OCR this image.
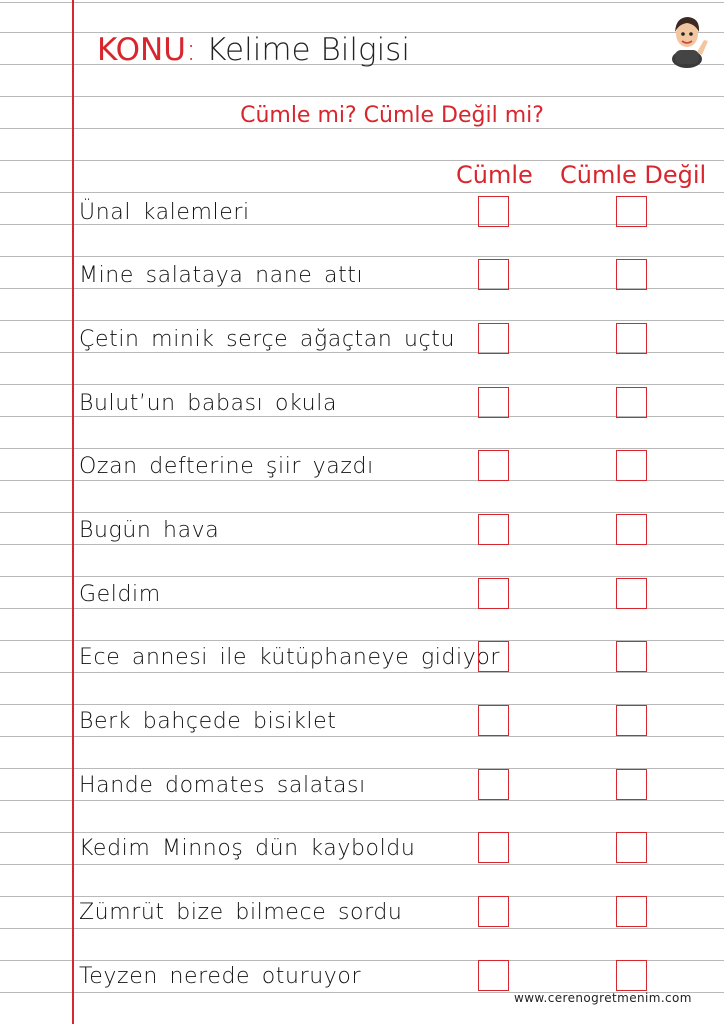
KONU: Kelime Bilgisi
Cümle mi? Cümle Değil mi?
Cümle Cümle Değil
Ünal kalemleri
Mine salataya nane attı
Çetin minik serçe ağaçtan uçtu
Bulut’un babası okula
Ozan defterine şiir yazdı
Bugün hava
Geldim
Ece annesi ile kütüphaneye gidiyor
Berk bahçede bisiklet
Hande domates salatası
Kedim Minnoş dün kayboldu
Zümrüt bize bilmece sordu
Teyzen nerede oturuyor
www.cerenogretmenim.com
